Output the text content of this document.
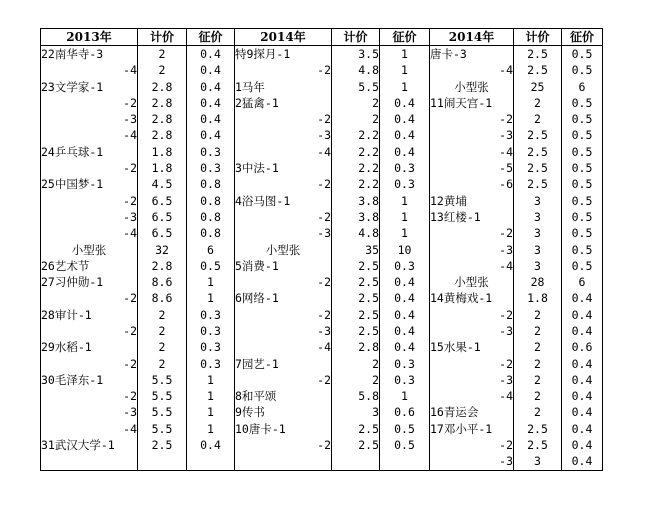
2013年	计价	征价	2014年	计价	征价	2014年	计价	征价
22南华寺-3	2	0.4	特9探月-1	3.5	1	唐卡-3	2.5	0.5
-4	2	0.4	-2	4.8	1	-4	2.5	0.5
23文学家-1	2.8	0.4	1马年	5.5	1	小型张	25	6
-2	2.8	0.4	2猛禽-1	2	0.4	11闹天宫-1	2	0.5
-3	2.8	0.4	-2	2	0.4	-2	2	0.5
-4	2.8	0.4	-3	2.2	0.4	-3	2.5	0.5
24乒乓球-1	1.8	0.3	-4	2.2	0.4	-4	2.5	0.5
-2	1.8	0.3	3中法-1	2.2	0.3	-5	2.5	0.5
25中国梦-1	4.5	0.8	-2	2.2	0.3	-6	2.5	0.5
-2	6.5	0.8	4浴马图-1	3.8	1	12黄埔	3	0.5
-3	6.5	0.8	-2	3.8	1	13红楼-1	3	0.5
-4	6.5	0.8	-3	4.8	1	-2	3	0.5
小型张	32	6	小型张	35	10	-3	3	0.5
26艺术节	2.8	0.5	5消费-1	2.5	0.3	-4	3	0.5
27习仲勋-1	8.6	1	-2	2.5	0.4	小型张	28	6
-2	8.6	1	6网络-1	2.5	0.4	14黄梅戏-1	1.8	0.4
28审计-1	2	0.3	-2	2.5	0.4	-2	2	0.4
-2	2	0.3	-3	2.5	0.4	-3	2	0.4
29水稻-1	2	0.3	-4	2.8	0.4	15水果-1	2	0.6
-2	2	0.3	7园艺-1	2	0.3	-2	2	0.4
30毛泽东-1	5.5	1	-2	2	0.3	-3	2	0.4
-2	5.5	1	8和平颂	5.8	1	-4	2	0.4
-3	5.5	1	9传书	3	0.6	16青运会	2	0.4
-4	5.5	1	10唐卡-1	2.5	0.5	17邓小平-1	2.5	0.4
31武汉大学-1	2.5	0.4	-2	2.5	0.5	-2	2.5	0.4
						-3	3	0.4
